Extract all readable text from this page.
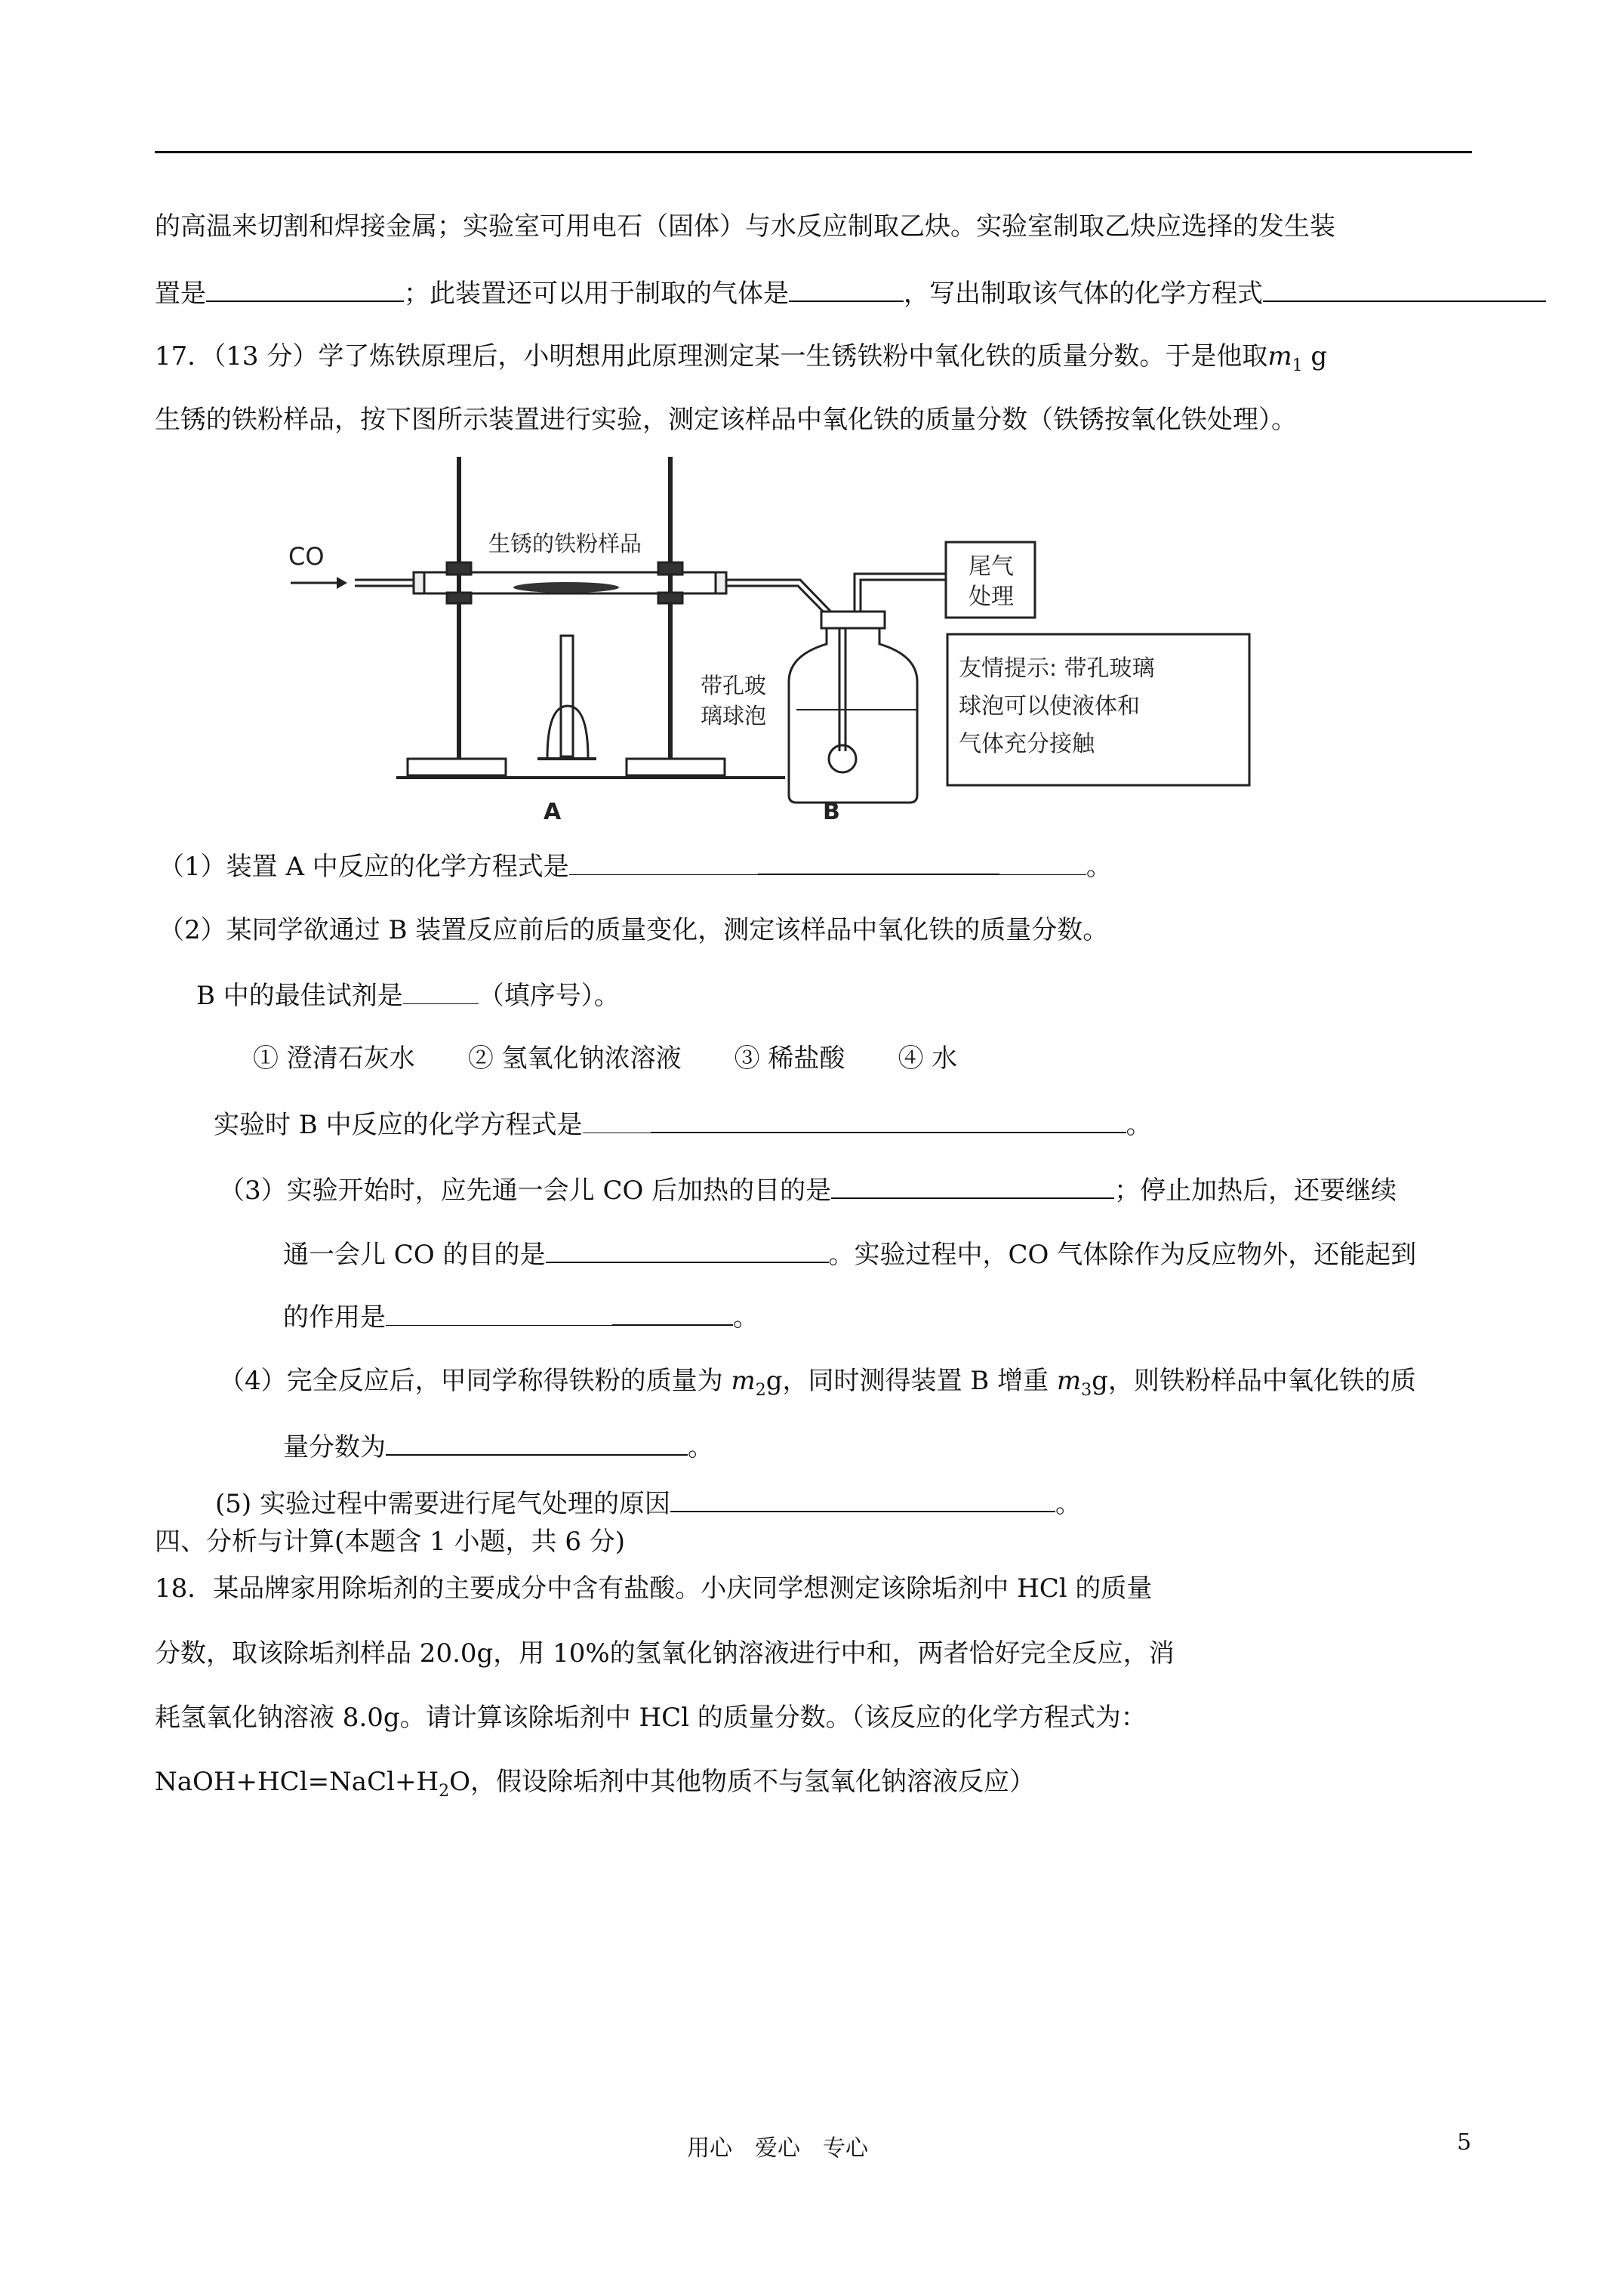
的高温来切割和焊接金属；实验室可用电石（固体）与水反应制取乙炔。实验室制取乙炔应选择的发生装
置是	；此装置还可以用于制取的气体是	，写出制取该气体的化学方程式
17．（13 分）学了炼铁原理后，小明想用此原理测定某一生锈铁粉中氧化铁的质量分数。于是他取$m_1$ g
生锈的铁粉样品，按下图所示装置进行实验，测定该样品中氧化铁的质量分数（铁锈按氧化铁处理）。
CO	生锈的铁粉样品
尾气
处理
带孔玻
璃球泡
友情提示: 带孔玻璃
球泡可以使液体和
气体充分接触
A	B
（1）装置 A 中反应的化学方程式是	。
（2）某同学欲通过 B 装置反应前后的质量变化，测定该样品中氧化铁的质量分数。
B 中的最佳试剂是	（填序号）。
① 澄清石灰水 ② 氢氧化钠浓溶液 ③ 稀盐酸 ④ 水
实验时 B 中反应的化学方程式是	。
（3）实验开始时，应先通一会儿 CO 后加热的目的是	；停止加热后，还要继续
通一会儿 CO 的目的是	。实验过程中，CO 气体除作为反应物外，还能起到
的作用是	。
（4）完全反应后，甲同学称得铁粉的质量为 $m_2g$，同时测得装置 B 增重 $m_3g$，则铁粉样品中氧化铁的质
量分数为	。
(5) 实验过程中需要进行尾气处理的原因	。
四、分析与计算(本题含 1 小题，共 6 分)
18．某品牌家用除垢剂的主要成分中含有盐酸。小庆同学想测定该除垢剂中 HCl 的质量
分数，取该除垢剂样品 20.0g，用 10%的氢氧化钠溶液进行中和，两者恰好完全反应，消
耗氢氧化钠溶液 8.0g。请计算该除垢剂中 HCl 的质量分数。（该反应的化学方程式为：
$NaOH+HCl=NaCl+H_2O$，假设除垢剂中其他物质不与氢氧化钠溶液反应）
用心　爱心　专心	5
